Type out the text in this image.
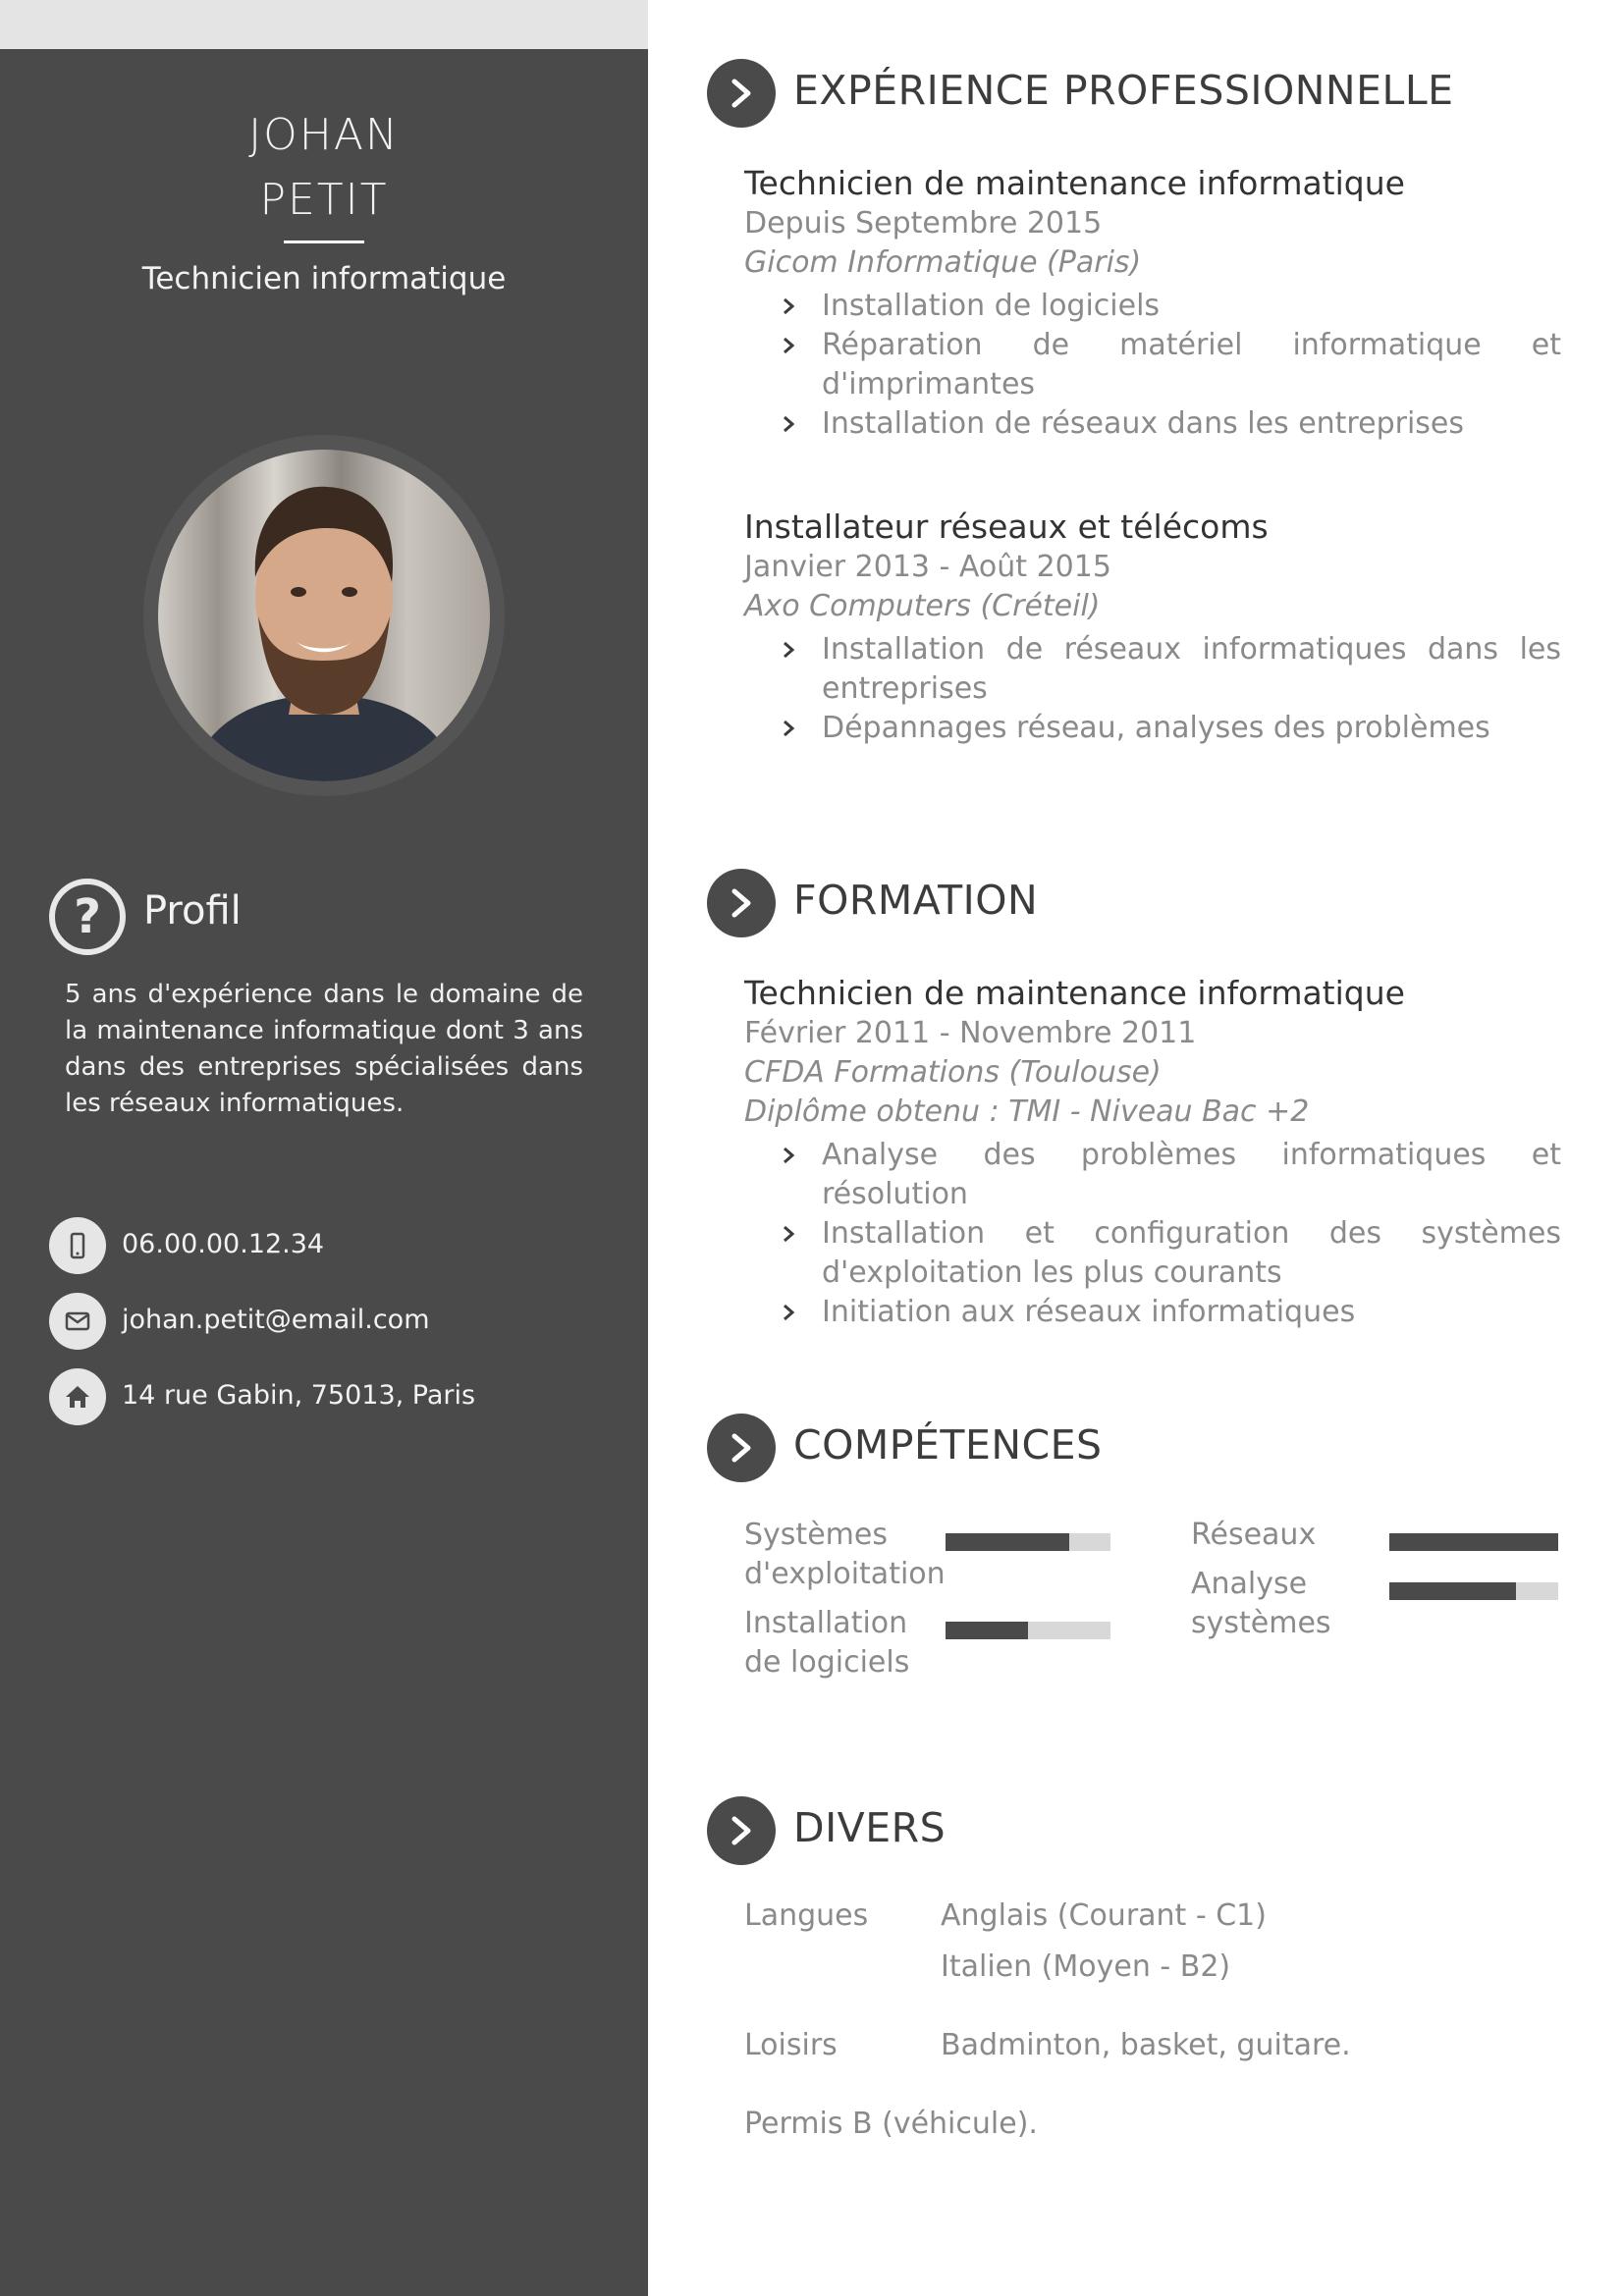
JOHAN
PETIT
Technicien informatique
?	Profil
5 ans d'expérience dans le domaine de la maintenance informatique dont 3 ans dans des entreprises spécialisées dans les réseaux informatiques.
06.00.00.12.34
johan.petit@email.com
14 rue Gabin, 75013, Paris
EXPÉRIENCE PROFESSIONNELLE
Technicien de maintenance informatique
Depuis Septembre 2015
Gicom Informatique (Paris)
Installation de logiciels
Réparation de matériel informatique et d'imprimantes
Installation de réseaux dans les entreprises
Installateur réseaux et télécoms
Janvier 2013 - Août 2015
Axo Computers (Créteil)
Installation de réseaux informatiques dans les entreprises
Dépannages réseau, analyses des problèmes
FORMATION
Technicien de maintenance informatique
Février 2011 - Novembre 2011
CFDA Formations (Toulouse)
Diplôme obtenu : TMI - Niveau Bac +2
Analyse des problèmes informatiques et résolution
Installation et configuration des systèmes d'exploitation les plus courants
Initiation aux réseaux informatiques
COMPÉTENCES
Systèmes
d'exploitation
Installation
de logiciels
Réseaux
Analyse
systèmes
DIVERS
Langues Anglais (Courant - C1)
Italien (Moyen - B2)
Loisirs	Badminton, basket, guitare.
Permis B (véhicule).
